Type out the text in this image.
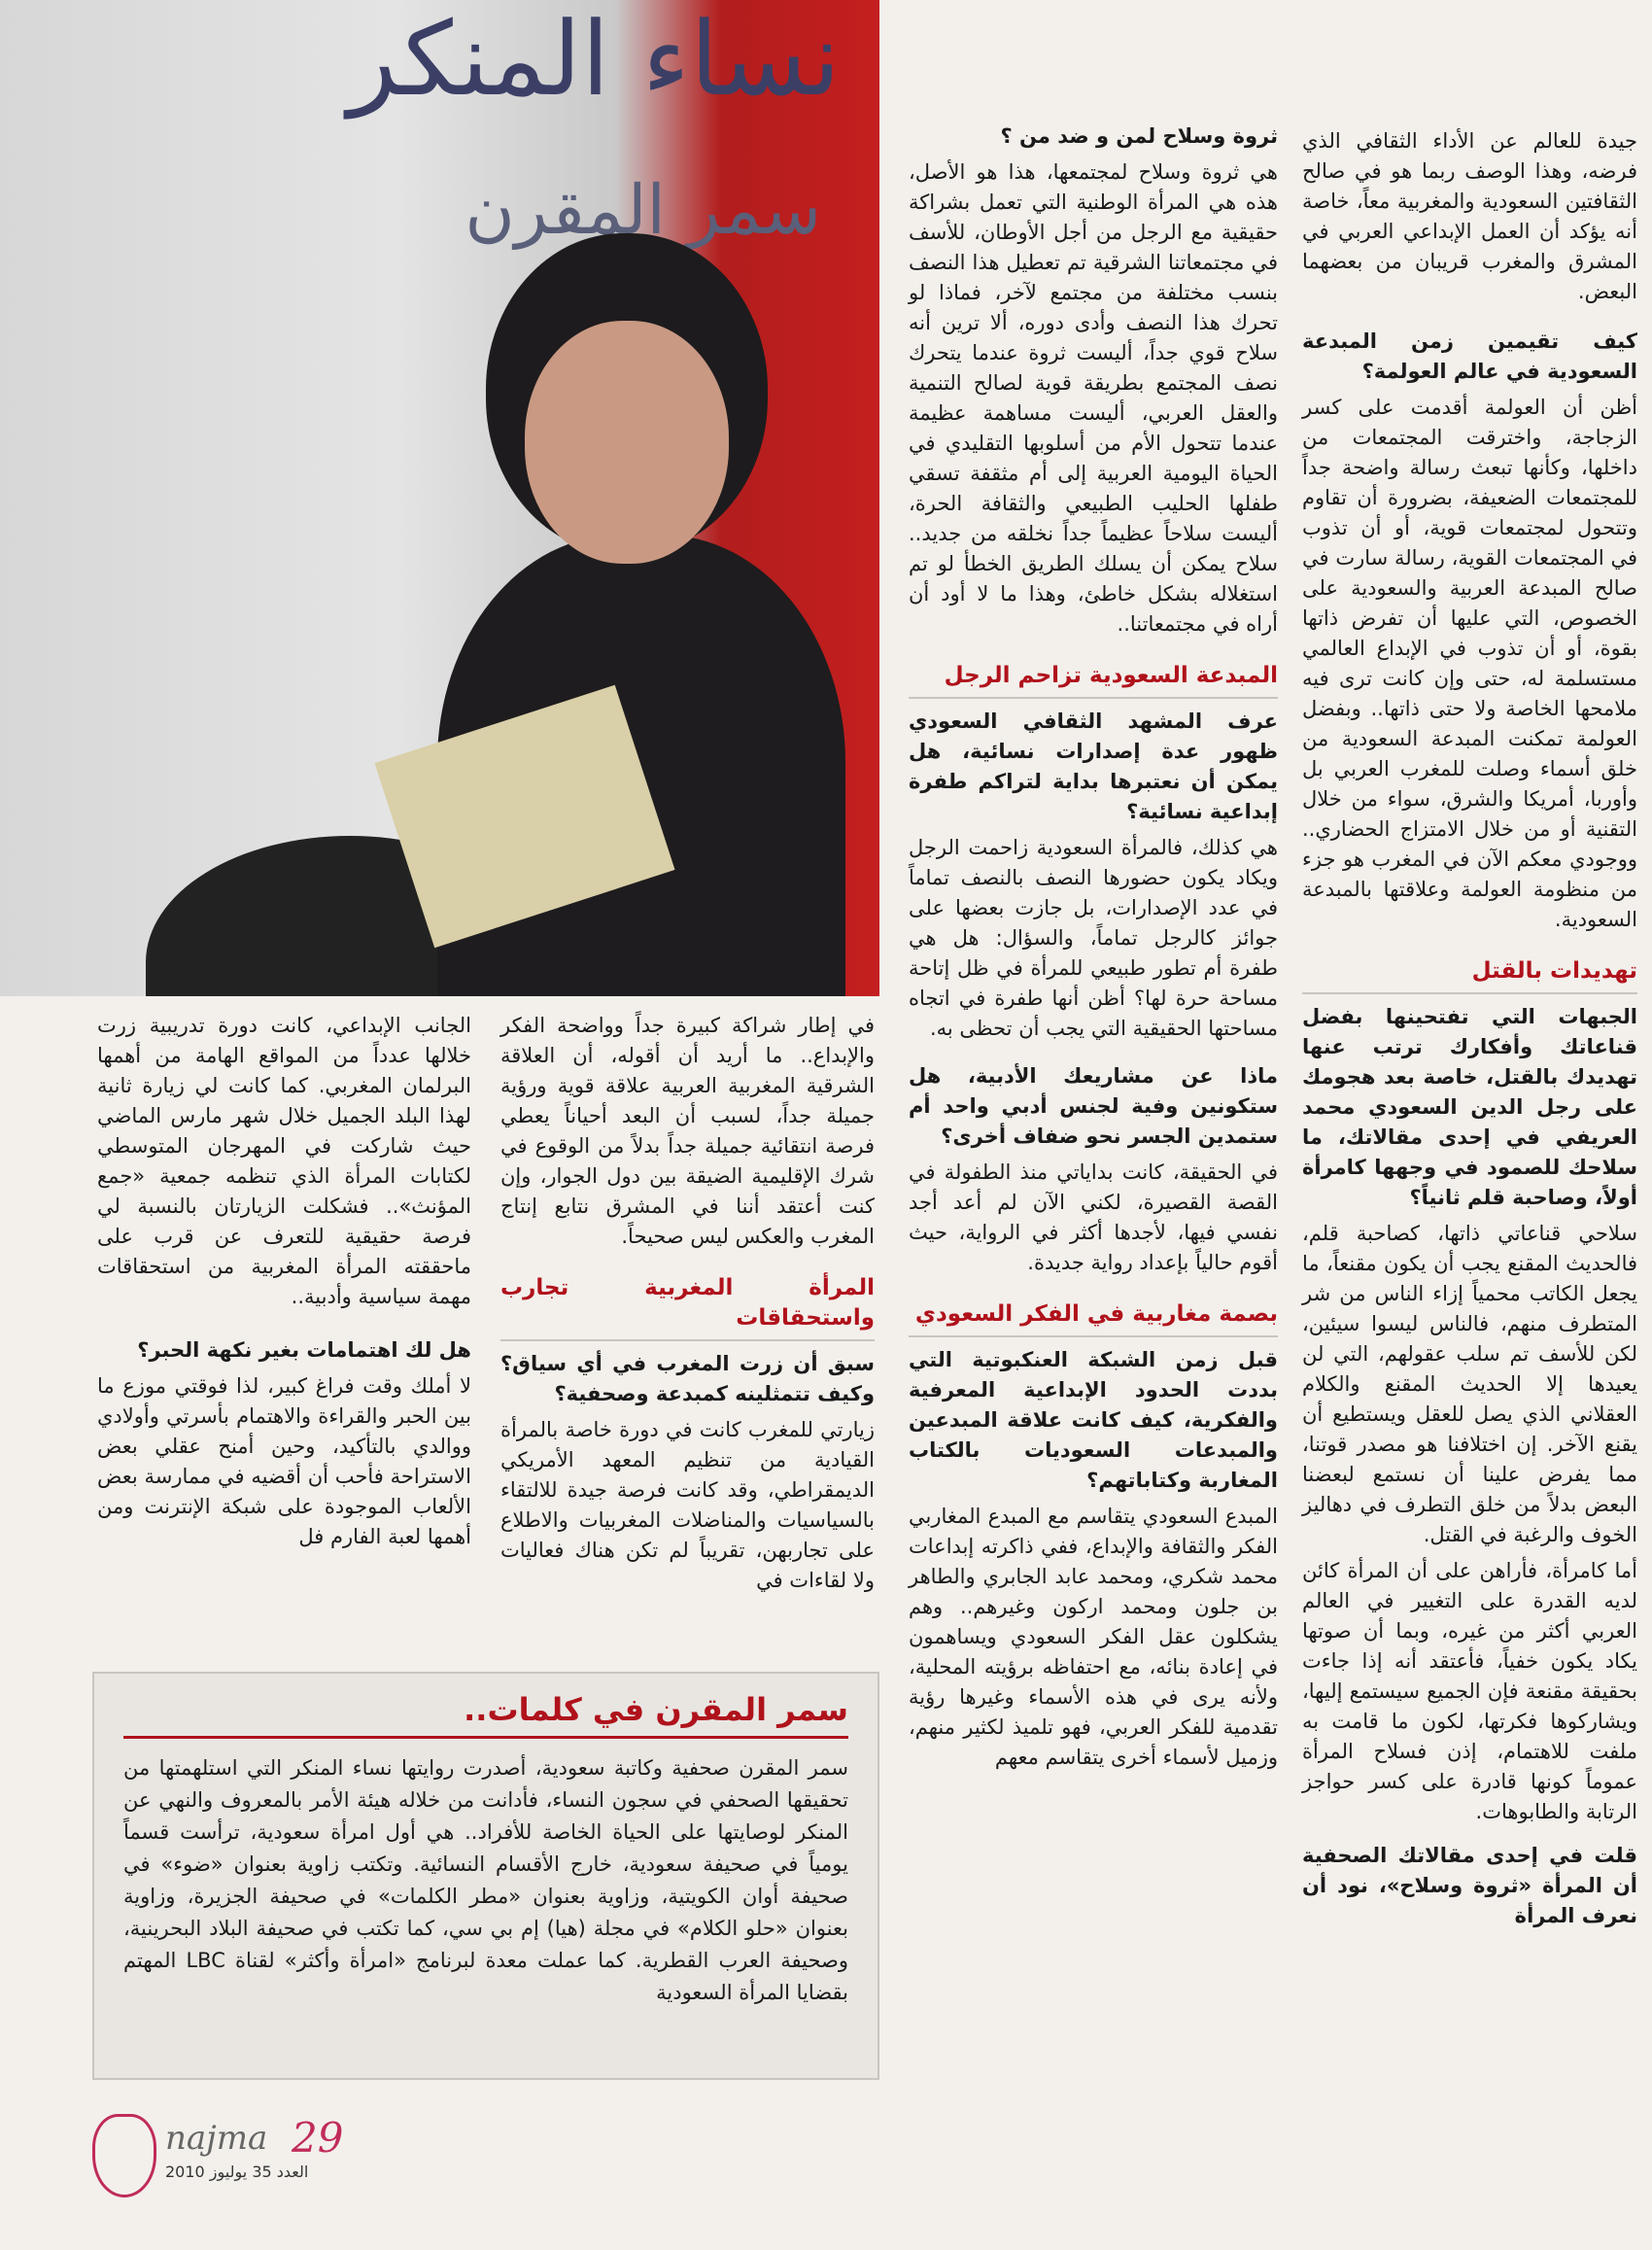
نساء المنكر
سمر المقرن

جيدة للعالم عن الأداء الثقافي الذي فرضه، وهذا الوصف ربما هو في صالح الثقافتين السعودية والمغربية معاً، خاصة أنه يؤكد أن العمل الإبداعي العربي في المشرق والمغرب قريبان من بعضهما البعض.

كيف تقيمين زمن المبدعة السعودية في عالم العولمة؟

أظن أن العولمة أقدمت على كسر الزجاجة، واخترقت المجتمعات من داخلها، وكأنها تبعث رسالة واضحة جداً للمجتمعات الضعيفة، بضرورة أن تقاوم وتتحول لمجتمعات قوية، أو أن تذوب في المجتمعات القوية، رسالة سارت في صالح المبدعة العربية والسعودية على الخصوص، التي عليها أن تفرض ذاتها بقوة، أو أن تذوب في الإبداع العالمي مستسلمة له، حتى وإن كانت ترى فيه ملامحها الخاصة ولا حتى ذاتها.. وبفضل العولمة تمكنت المبدعة السعودية من خلق أسماء وصلت للمغرب العربي بل وأوربا، أمريكا والشرق، سواء من خلال التقنية أو من خلال الامتزاج الحضاري.. ووجودي معكم الآن في المغرب هو جزء من منظومة العولمة وعلاقتها بالمبدعة السعودية.

تهديدات بالقتل

الجبهات التي تفتحينها بفضل قناعاتك وأفكارك ترتب عنها تهديدك بالقتل، خاصة بعد هجومك على رجل الدين السعودي محمد العريفي في إحدى مقالاتك، ما سلاحك للصمود في وجهها كامرأة أولاً، وصاحبة قلم ثانياً؟

سلاحي قناعاتي ذاتها، كصاحبة قلم، فالحديث المقنع يجب أن يكون مقنعاً، ما يجعل الكاتب محمياً إزاء الناس من شر المتطرف منهم، فالناس ليسوا سيئين، لكن للأسف تم سلب عقولهم، التي لن يعيدها إلا الحديث المقنع والكلام العقلاني الذي يصل للعقل ويستطيع أن يقنع الآخر. إن اختلافنا هو مصدر قوتنا، مما يفرض علينا أن نستمع لبعضنا البعض بدلاً من خلق التطرف في دهاليز الخوف والرغبة في القتل.

أما كامرأة، فأراهن على أن المرأة كائن لديه القدرة على التغيير في العالم العربي أكثر من غيره، وبما أن صوتها يكاد يكون خفياً، فأعتقد أنه إذا جاءت بحقيقة مقنعة فإن الجميع سيستمع إليها، ويشاركوها فكرتها، لكون ما قامت به ملفت للاهتمام، إذن فسلاح المرأة عموماً كونها قادرة على كسر حواجز الرتابة والطابوهات.

قلت في إحدى مقالاتك الصحفية أن المرأة «ثروة وسلاح»، نود أن نعرف المرأة

ثروة وسلاح لمن و ضد من ؟

هي ثروة وسلاح لمجتمعها، هذا هو الأصل، هذه هي المرأة الوطنية التي تعمل بشراكة حقيقية مع الرجل من أجل الأوطان، للأسف في مجتمعاتنا الشرقية تم تعطيل هذا النصف بنسب مختلفة من مجتمع لآخر، فماذا لو تحرك هذا النصف وأدى دوره، ألا ترين أنه سلاح قوي جداً، أليست ثروة عندما يتحرك نصف المجتمع بطريقة قوية لصالح التنمية والعقل العربي، أليست مساهمة عظيمة عندما تتحول الأم من أسلوبها التقليدي في الحياة اليومية العربية إلى أم مثقفة تسقي طفلها الحليب الطبيعي والثقافة الحرة، أليست سلاحاً عظيماً جداً نخلقه من جديد.. سلاح يمكن أن يسلك الطريق الخطأ لو تم استغلاله بشكل خاطئ، وهذا ما لا أود أن أراه في مجتمعاتنا..

المبدعة السعودية تزاحم الرجل

عرف المشهد الثقافي السعودي ظهور عدة إصدارات نسائية، هل يمكن أن نعتبرها بداية لتراكم طفرة إبداعية نسائية؟

هي كذلك، فالمرأة السعودية زاحمت الرجل ويكاد يكون حضورها النصف بالنصف تماماً في عدد الإصدارات، بل جازت بعضها على جوائز كالرجل تماماً، والسؤال: هل هي طفرة أم تطور طبيعي للمرأة في ظل إتاحة مساحة حرة لها؟ أظن أنها طفرة في اتجاه مساحتها الحقيقية التي يجب أن تحظى به.

ماذا عن مشاريعك الأدبية، هل ستكونين وفية لجنس أدبي واحد أم ستمدين الجسر نحو ضفاف أخرى؟

في الحقيقة، كانت بداياتي منذ الطفولة في القصة القصيرة، لكني الآن لم أعد أجد نفسي فيها، لأجدها أكثر في الرواية، حيث أقوم حالياً بإعداد رواية جديدة.

بصمة مغاربية في الفكر السعودي

قبل زمن الشبكة العنكبوتية التي بددت الحدود الإبداعية المعرفية والفكرية، كيف كانت علاقة المبدعين والمبدعات السعوديات بالكتاب المغاربة وكتاباتهم؟

المبدع السعودي يتقاسم مع المبدع المغاربي الفكر والثقافة والإبداع، ففي ذاكرته إبداعات محمد شكري، ومحمد عابد الجابري والطاهر بن جلون ومحمد اركون وغيرهم.. وهم يشكلون عقل الفكر السعودي ويساهمون في إعادة بنائه، مع احتفاظه برؤيته المحلية، ولأنه يرى في هذه الأسماء وغيرها رؤية تقدمية للفكر العربي، فهو تلميذ لكثير منهم، وزميل لأسماء أخرى يتقاسم معهم

في إطار شراكة كبيرة جداً وواضحة الفكر والإبداع.. ما أريد أن أقوله، أن العلاقة الشرقية المغربية العربية علاقة قوية ورؤية جميلة جداً، لسبب أن البعد أحياناً يعطي فرصة انتقائية جميلة جداً بدلاً من الوقوع في شرك الإقليمية الضيقة بين دول الجوار، وإن كنت أعتقد أننا في المشرق نتابع إنتاج المغرب والعكس ليس صحيحاً.

المرأة المغربية تجارب واستحقاقات

سبق أن زرت المغرب في أي سياق؟ وكيف تتمثلينه كمبدعة وصحفية؟

زيارتي للمغرب كانت في دورة خاصة بالمرأة القيادية من تنظيم المعهد الأمريكي الديمقراطي، وقد كانت فرصة جيدة للالتقاء بالسياسيات والمناضلات المغربيات والاطلاع على تجاربهن، تقريباً لم تكن هناك فعاليات ولا لقاءات في

الجانب الإبداعي، كانت دورة تدريبية زرت خلالها عدداً من المواقع الهامة من أهمها البرلمان المغربي. كما كانت لي زيارة ثانية لهذا البلد الجميل خلال شهر مارس الماضي حيث شاركت في المهرجان المتوسطي لكتابات المرأة الذي تنظمه جمعية «جمع المؤنث».. فشكلت الزيارتان بالنسبة لي فرصة حقيقية للتعرف عن قرب على ماحققته المرأة المغربية من استحقاقات مهمة سياسية وأدبية..

هل لك اهتمامات بغير نكهة الحبر؟

لا أملك وقت فراغ كبير، لذا فوقتي موزع ما بين الحبر والقراءة والاهتمام بأسرتي وأولادي ووالدي بالتأكيد، وحين أمنح عقلي بعض الاستراحة فأحب أن أقضيه في ممارسة بعض الألعاب الموجودة على شبكة الإنترنت ومن أهمها لعبة الفارم فل

سمر المقرن في كلمات..
سمر المقرن صحفية وكاتبة سعودية، أصدرت روايتها نساء المنكر التي استلهمتها من تحقيقها الصحفي في سجون النساء، فأدانت من خلاله هيئة الأمر بالمعروف والنهي عن المنكر لوصايتها على الحياة الخاصة للأفراد.. هي أول امرأة سعودية، ترأست قسماً يومياً في صحيفة سعودية، خارج الأقسام النسائية. وتكتب زاوية بعنوان «ضوء» في صحيفة أوان الكويتية، وزاوية بعنوان «مطر الكلمات» في صحيفة الجزيرة، وزاوية بعنوان «حلو الكلام» في مجلة (هيا) إم بي سي، كما تكتب في صحيفة البلاد البحرينية، وصحيفة العرب القطرية. كما عملت معدة لبرنامج «امرأة وأكثر» لقناة LBC المهتم بقضايا المرأة السعودية
najma 29
العدد 35 يوليوز 2010
